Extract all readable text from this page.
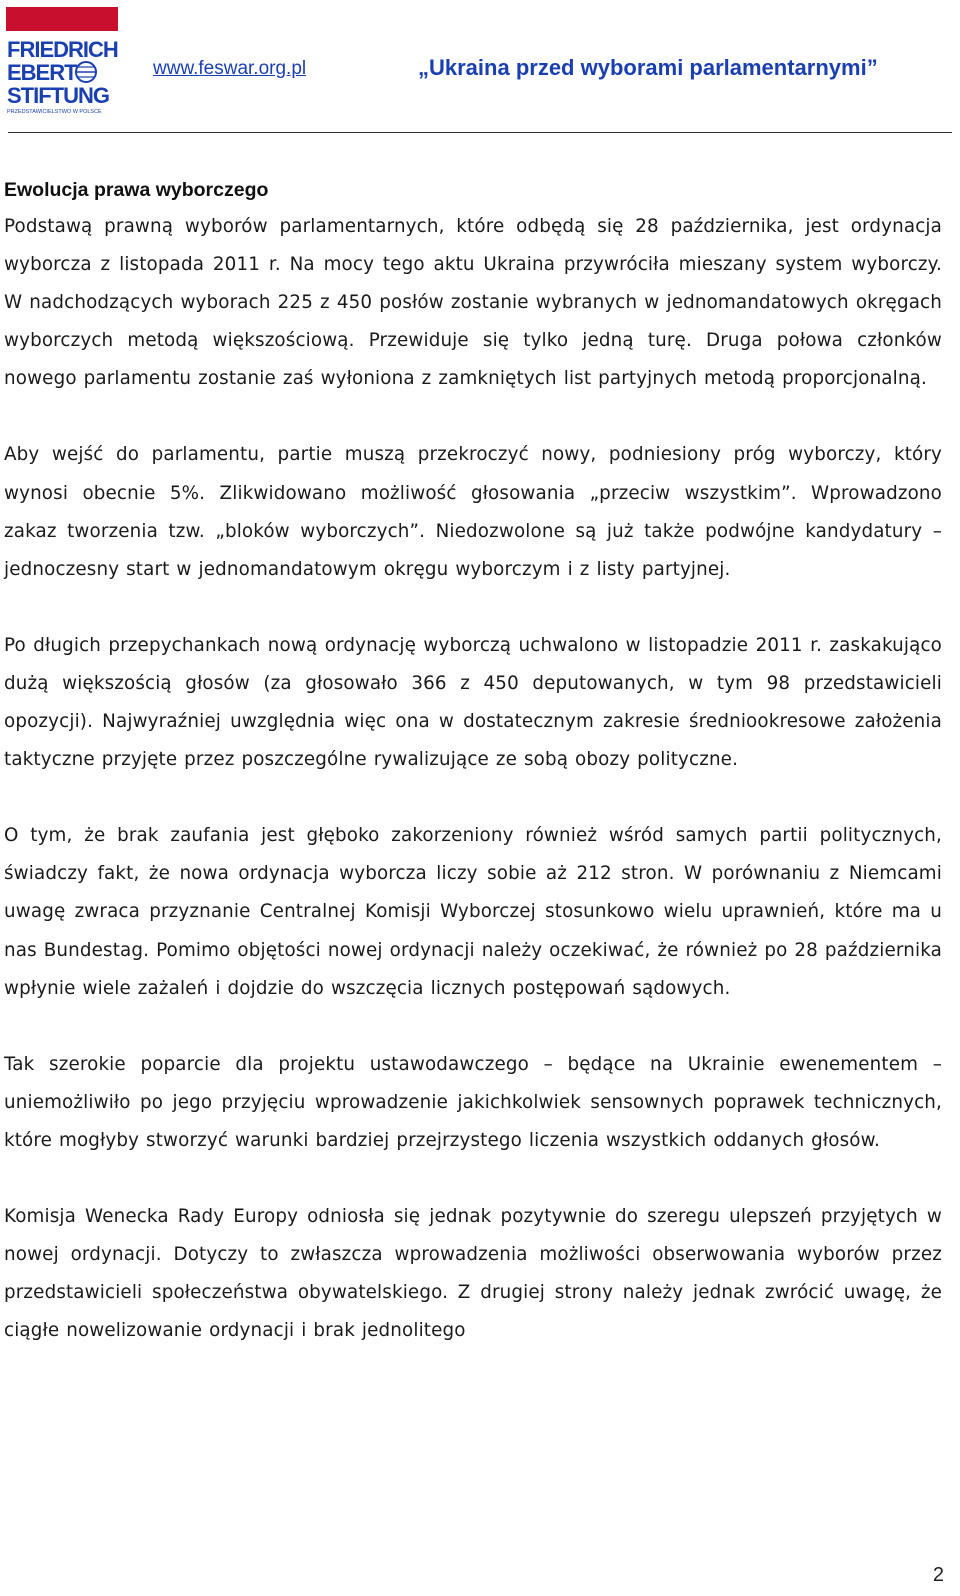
FRIEDRICH
EBERT
STIFTUNG
PRZEDSTAWICIELSTWO W POLSCE
www.feswar.org.pl	„Ukraina przed wyborami parlamentarnymi”
Ewolucja prawa wyborczego

Podstawą prawną wyborów parlamentarnych, które odbędą się 28 października, jest ordynacja wyborcza z listopada 2011 r. Na mocy tego aktu Ukraina przywróciła mieszany system wyborczy. W nadchodzących wyborach 225 z 450 posłów zostanie wybranych w jednomandatowych okręgach wyborczych metodą większościową. Przewiduje się tylko jedną turę. Druga połowa członków nowego parlamentu zostanie zaś wyłoniona z zamkniętych list partyjnych metodą proporcjonalną.

Aby wejść do parlamentu, partie muszą przekroczyć nowy, podniesiony próg wyborczy, który wynosi obecnie 5%. Zlikwidowano możliwość głosowania „przeciw wszystkim”. Wprowadzono zakaz tworzenia tzw. „bloków wyborczych”. Niedozwolone są już także podwójne kandydatury – jednoczesny start w jednomandatowym okręgu wyborczym i z listy partyjnej.

Po długich przepychankach nową ordynację wyborczą uchwalono w listopadzie 2011 r. zaskakująco dużą większością głosów (za głosowało 366 z 450 deputowanych, w tym 98 przedstawicieli opozycji). Najwyraźniej uwzględnia więc ona w dostatecznym zakresie średniookresowe założenia taktyczne przyjęte przez poszczególne rywalizujące ze sobą obozy polityczne.

O tym, że brak zaufania jest głęboko zakorzeniony również wśród samych partii politycznych, świadczy fakt, że nowa ordynacja wyborcza liczy sobie aż 212 stron. W porównaniu z Niemcami uwagę zwraca przyznanie Centralnej Komisji Wyborczej stosunkowo wielu uprawnień, które ma u nas Bundestag. Pomimo objętości nowej ordynacji należy oczekiwać, że również po 28 października wpłynie wiele zażaleń i dojdzie do wszczęcia licznych postępowań sądowych.

Tak szerokie poparcie dla projektu ustawodawczego – będące na Ukrainie ewenementem – uniemożliwiło po jego przyjęciu wprowadzenie jakichkolwiek sensownych poprawek technicznych, które mogłyby stworzyć warunki bardziej przejrzystego liczenia wszystkich oddanych głosów.

Komisja Wenecka Rady Europy odniosła się jednak pozytywnie do szeregu ulepszeń przyjętych w nowej ordynacji. Dotyczy to zwłaszcza wprowadzenia możliwości obserwowania wyborów przez przedstawicieli społeczeństwa obywatelskiego. Z drugiej strony należy jednak zwrócić uwagę, że ciągłe nowelizowanie ordynacji i brak jednolitego

2
